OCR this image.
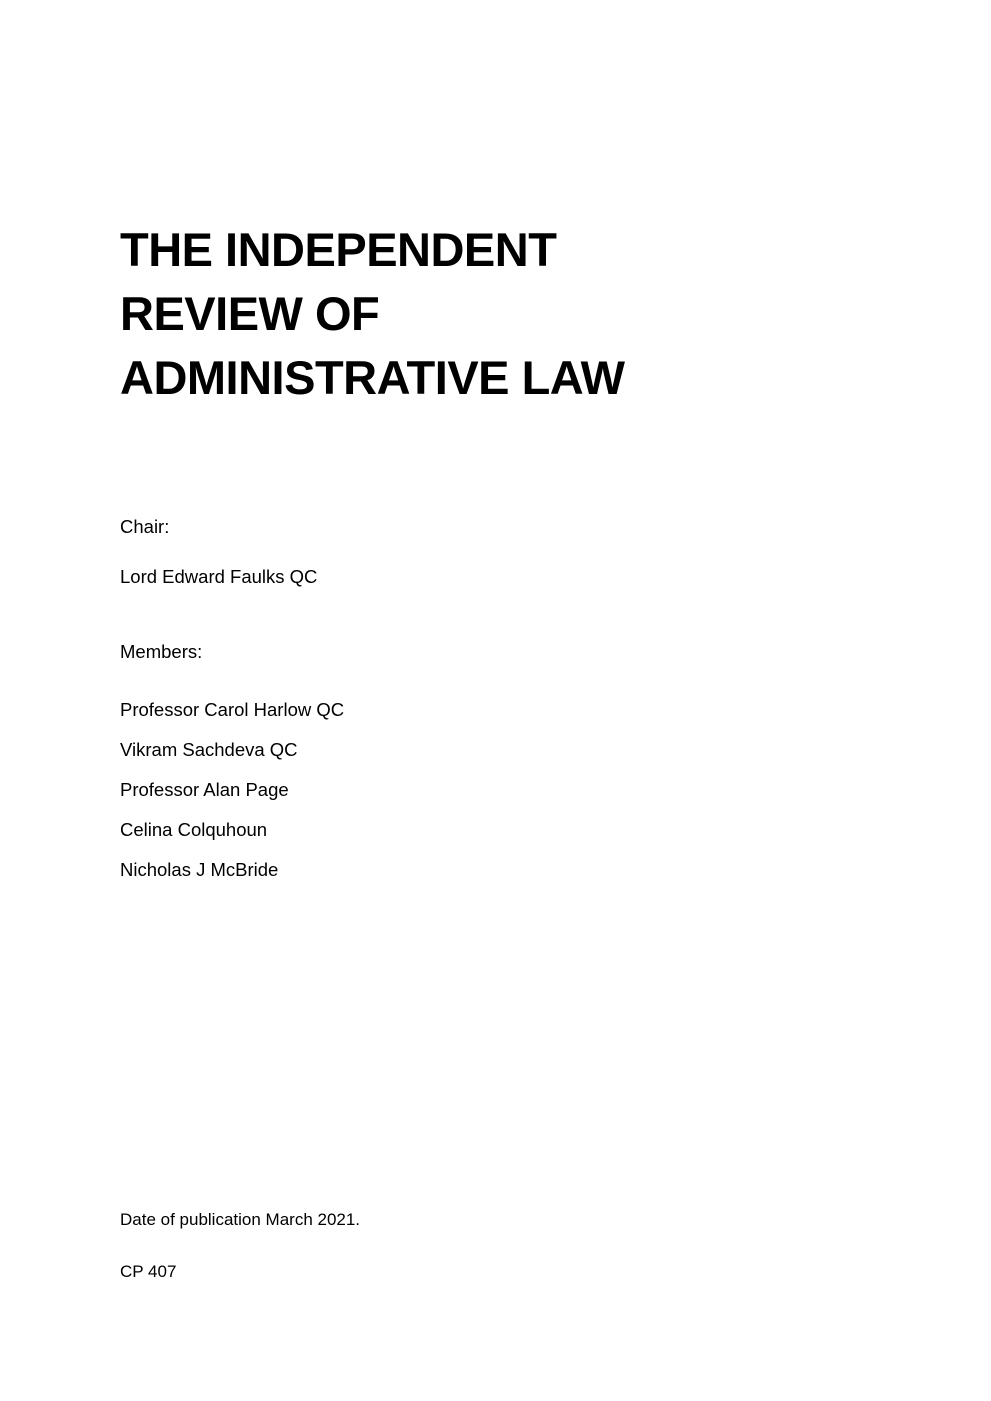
THE INDEPENDENT
REVIEW OF
ADMINISTRATIVE LAW

Chair:

Lord Edward Faulks QC

Members:

Professor Carol Harlow QC

Vikram Sachdeva QC

Professor Alan Page

Celina Colquhoun

Nicholas J McBride

Date of publication March 2021.

CP 407
